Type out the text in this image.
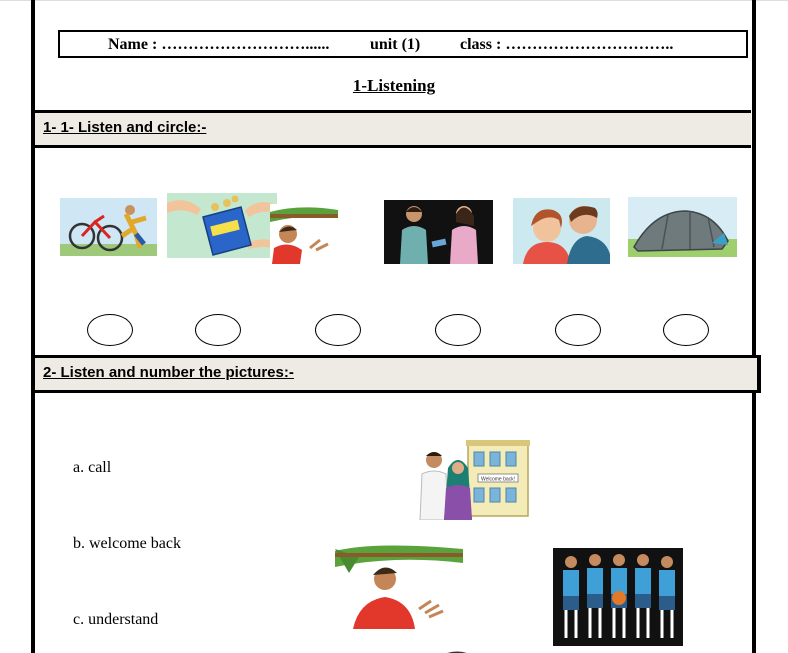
Name : ………………………......	unit (1) class : …………………………..
1-Listening
1- 1- Listen and circle:-
2- Listen and number the pictures:-
a. call
b. welcome back
c. understand
Welcome back!
